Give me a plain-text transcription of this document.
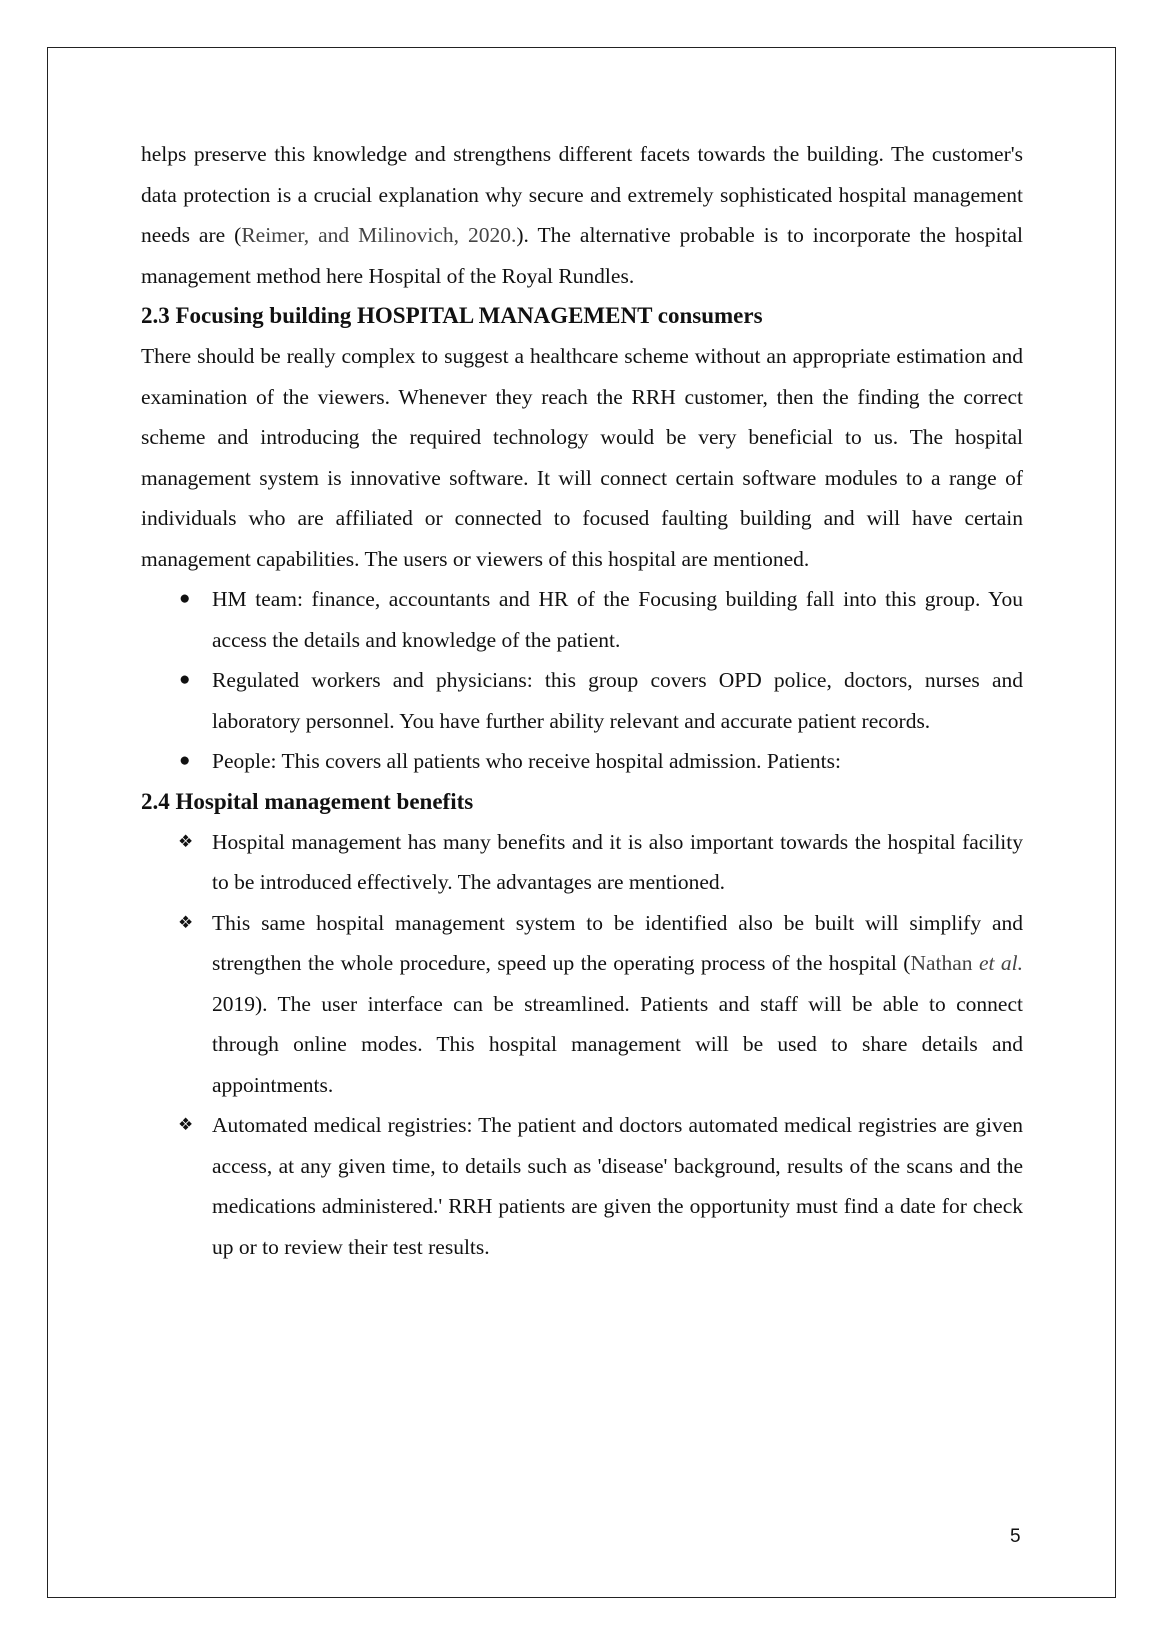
helps preserve this knowledge and strengthens different facets towards the building. The customer's data protection is a crucial explanation why secure and extremely sophisticated hospital management needs are (Reimer, and Milinovich, 2020.). The alternative probable is to incorporate the hospital management method here Hospital of the Royal Rundles.

2.3 Focusing building HOSPITAL MANAGEMENT consumers

There should be really complex to suggest a healthcare scheme without an appropriate estimation and examination of the viewers. Whenever they reach the RRH customer, then the finding the correct scheme and introducing the required technology would be very beneficial to us. The hospital management system is innovative software. It will connect certain software modules to a range of individuals who are affiliated or connected to focused faulting building and will have certain management capabilities. The users or viewers of this hospital are mentioned.

● HM team: finance, accountants and HR of the Focusing building fall into this group. You access the details and knowledge of the patient.
● Regulated workers and physicians: this group covers OPD police, doctors, nurses and laboratory personnel. You have further ability relevant and accurate patient records.
● People: This covers all patients who receive hospital admission. Patients:
2.4 Hospital management benefits
❖ Hospital management has many benefits and it is also important towards the hospital facility to be introduced effectively. The advantages are mentioned.
❖ This same hospital management system to be identified also be built will simplify and strengthen the whole procedure, speed up the operating process of the hospital (Nathan et al. 2019). The user interface can be streamlined. Patients and staff will be able to connect through online modes. This hospital management will be used to share details and appointments.
❖ Automated medical registries: The patient and doctors automated medical registries are given access, at any given time, to details such as 'disease' background, results of the scans and the medications administered.' RRH patients are given the opportunity must find a date for check up or to review their test results.
5
